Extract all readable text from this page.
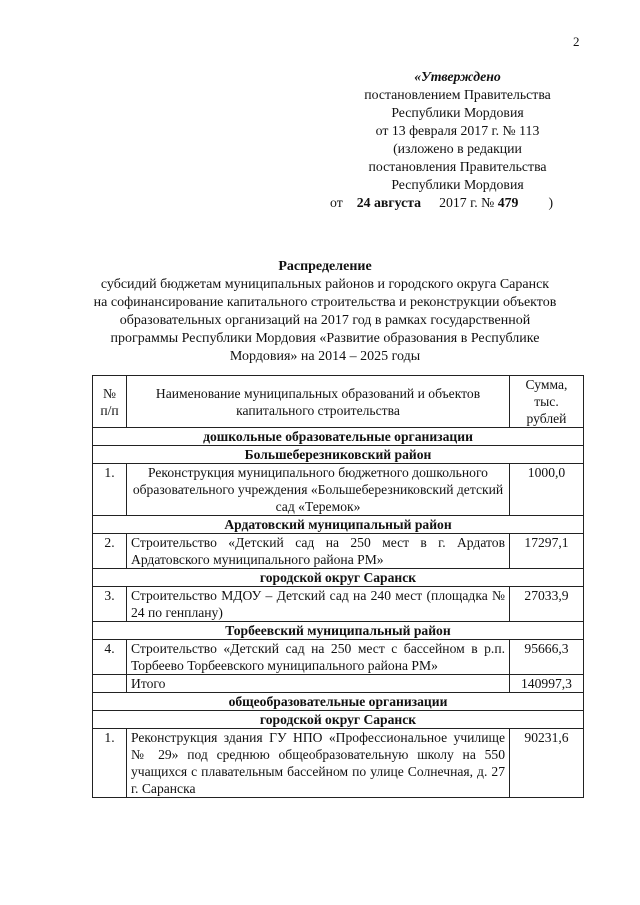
2
«Утверждено
постановлением Правительства
Республики Мордовия
от 13 февраля 2017 г. № 113
(изложено в редакции
постановления Правительства
Республики Мордовия
от 24 августа 2017 г. № 479 )
Распределение
субсидий бюджетам муниципальных районов и городского округа Саранск
на софинансирование капитального строительства и реконструкции объектов
образовательных организаций на 2017 год в рамках государственной
программы Республики Мордовия «Развитие образования в Республике
Мордовия» на 2014 – 2025 годы
№ п/п	Наименование муниципальных образований и объектов капитального строительства	Сумма, тыс. рублей
дошкольные образовательные организации		
Большеберезниковский район		
1.	Реконструкция муниципального бюджетного дошкольного образовательного учреждения «Большеберезниковский детский сад «Теремок»	1000,0
Ардатовский муниципальный район		
2.	Строительство «Детский сад на 250 мест в г. Ардатов Ардатовского муниципального района РМ»	17297,1
городской округ Саранск		
3.	Строительство МДОУ – Детский сад на 240 мест (площадка № 24 по генплану)	27033,9
Торбеевский муниципальный район		
4.	Строительство «Детский сад на 250 мест с бассейном в р.п. Торбеево Торбеевского муниципального района РМ»	95666,3
	Итого	140997,3
общеобразовательные организации		
городской округ Саранск		
1.	Реконструкция здания ГУ НПО «Профессиональное училище № 29» под среднюю общеобразовательную школу на 550 учащихся с плавательным бассейном по улице Солнечная, д. 27 г. Саранска	90231,6
